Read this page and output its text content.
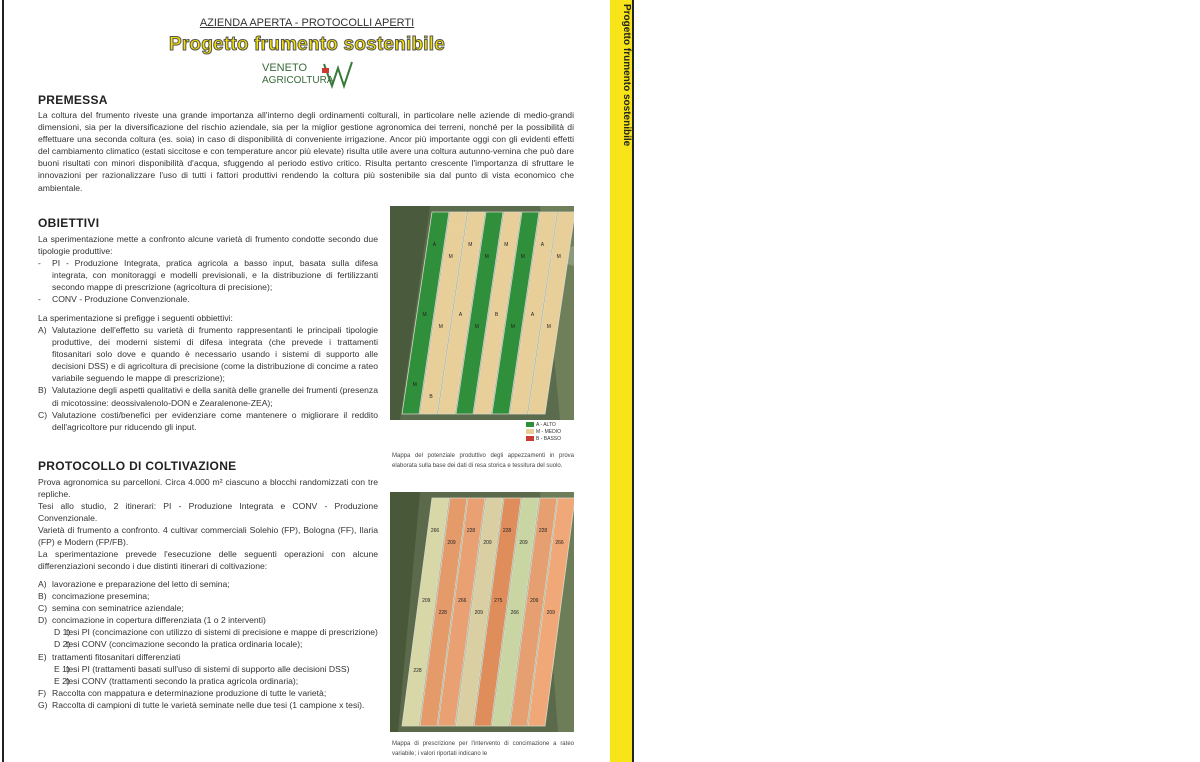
AZIENDA APERTA - PROTOCOLLI APERTI
Progetto frumento sostenibile
VENETO
AGRICOLTURA
PREMESSA
La coltura del frumento riveste una grande importanza all'interno degli ordinamenti colturali, in particolare nelle aziende di medio-grandi dimensioni, sia per la diversificazione del rischio aziendale, sia per la miglior gestione agronomica dei terreni, nonché per la possibilità di effettuare una seconda coltura (es. soia) in caso di disponibilità di conveniente irrigazione. Ancor più importante oggi con gli evidenti effetti del cambiamento climatico (estati siccitose e con temperature ancor più elevate) risulta utile avere una coltura autunno-vernina che può dare buoni risultati con minori disponibilità d'acqua, sfuggendo al periodo estivo critico. Risulta pertanto crescente l'importanza di sfruttare le innovazioni per razionalizzare l'uso di tutti i fattori produttivi rendendo la coltura più sostenibile sia dal punto di vista economico che ambientale.
OBIETTIVI
La sperimentazione mette a confronto alcune varietà di frumento condotte secondo due tipologie produttive:
- PI - Produzione Integrata, pratica agricola a basso input, basata sulla difesa integrata, con monitoraggi e modelli previsionali, e la distribuzione di fertilizzanti secondo mappe di prescrizione (agricoltura di precisione);
- CONV - Produzione Convenzionale.
La sperimentazione si prefigge i seguenti obbiettivi:
A) Valutazione dell'effetto su varietà di frumento rappresentanti le principali tipologie produttive, dei moderni sistemi di difesa integrata (che prevede i trattamenti fitosanitari solo dove e quando è necessario usando i sistemi di supporto alle decisioni DSS) e di agricoltura di precisione (come la distribuzione di concime a rateo variabile seguendo le mappe di prescrizione);
B) Valutazione degli aspetti qualitativi e della sanità delle granelle dei frumenti (presenza di micotossine: deossivalenolo-DON e Zearalenone-ZEA);
C) Valutazione costi/benefici per evidenziare come mantenere o migliorare il reddito dell'agricoltore pur riducendo gli input.
PROTOCOLLO DI COLTIVAZIONE
Prova agronomica su parcelloni. Circa 4.000 m² ciascuno a blocchi randomizzati con tre repliche.
Tesi allo studio, 2 itinerari: PI - Produzione Integrata e CONV - Produzione Convenzionale.
Varietà di frumento a confronto. 4 cultivar commerciali Solehio (FP), Bologna (FF), Ilaria (FP) e Modern (FP/FB).
La sperimentazione prevede l'esecuzione delle seguenti operazioni con alcune differenziazioni secondo i due distinti itinerari di coltivazione:
A) lavorazione e preparazione del letto di semina;
B) concimazione presemina;
C) semina con seminatrice aziendale;
D) concimazione in copertura differenziata (1 o 2 interventi)
D 1)
tesi PI (concimazione con utilizzo di sistemi di precisione e mappe di prescrizione)
D 2)
tesi CONV (concimazione secondo la pratica ordinaria locale);
E) trattamenti fitosanitari differenziati
E 1)
tesi PI (trattamenti basati sull'uso di sistemi di supporto alle decisioni DSS)
E 2)
tesi CONV (trattamenti secondo la pratica agricola ordinaria);
F) Raccolta con mappatura e determinazione produzione di tutte le varietà;
G) Raccolta di campioni di tutte le varietà seminate nelle due tesi (1 campione x tesi).
A
M
M
M
M
M
A
M
M
M
A
M
B
M
A
M
M
B
A - ALTO
M - MEDIO
B - BASSO
Mappa del potenziale produttivo degli appezzamenti in prova elaborata sulla base dei dati di resa storica e tessitura del suolo.
266
209
228
209
228
209
228
266
209
228
266
209
275
266
209
209
228
Mappa di prescrizione per l'intervento di concimazione a rateo variabile; i valori riportati indicano le
Progetto frumento sostenibile
